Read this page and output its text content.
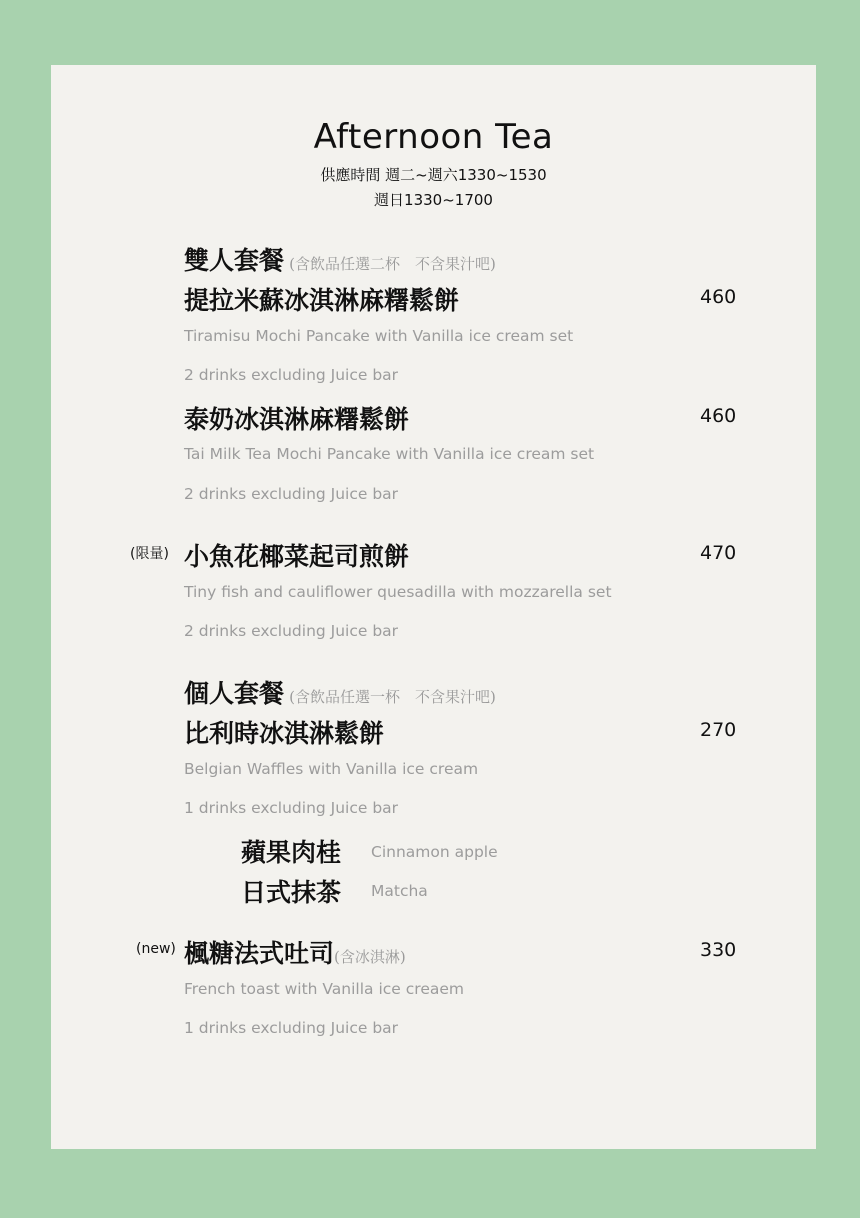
Afternoon Tea
供應時間 週二~週六1330~1530
週日1330~1700
雙人套餐 (含飲品任選二杯　不含果汁吧)
提拉米蘇冰淇淋麻糬鬆餅	460
Tiramisu Mochi Pancake with Vanilla ice cream set
2 drinks excluding Juice bar
泰奶冰淇淋麻糬鬆餅	460
Tai Milk Tea Mochi Pancake with Vanilla ice cream set
2 drinks excluding Juice bar
(限量) 小魚花椰菜起司煎餅	470
Tiny fish and cauliflower quesadilla with mozzarella set
2 drinks excluding Juice bar
個人套餐 (含飲品任選一杯　不含果汁吧)
比利時冰淇淋鬆餅	270
Belgian Waffles with Vanilla ice cream
1 drinks excluding Juice bar
蘋果肉桂 Cinnamon apple
日式抹茶 Matcha
(new) 楓糖法式吐司(含冰淇淋)	330
French toast with Vanilla ice creaem
1 drinks excluding Juice bar
